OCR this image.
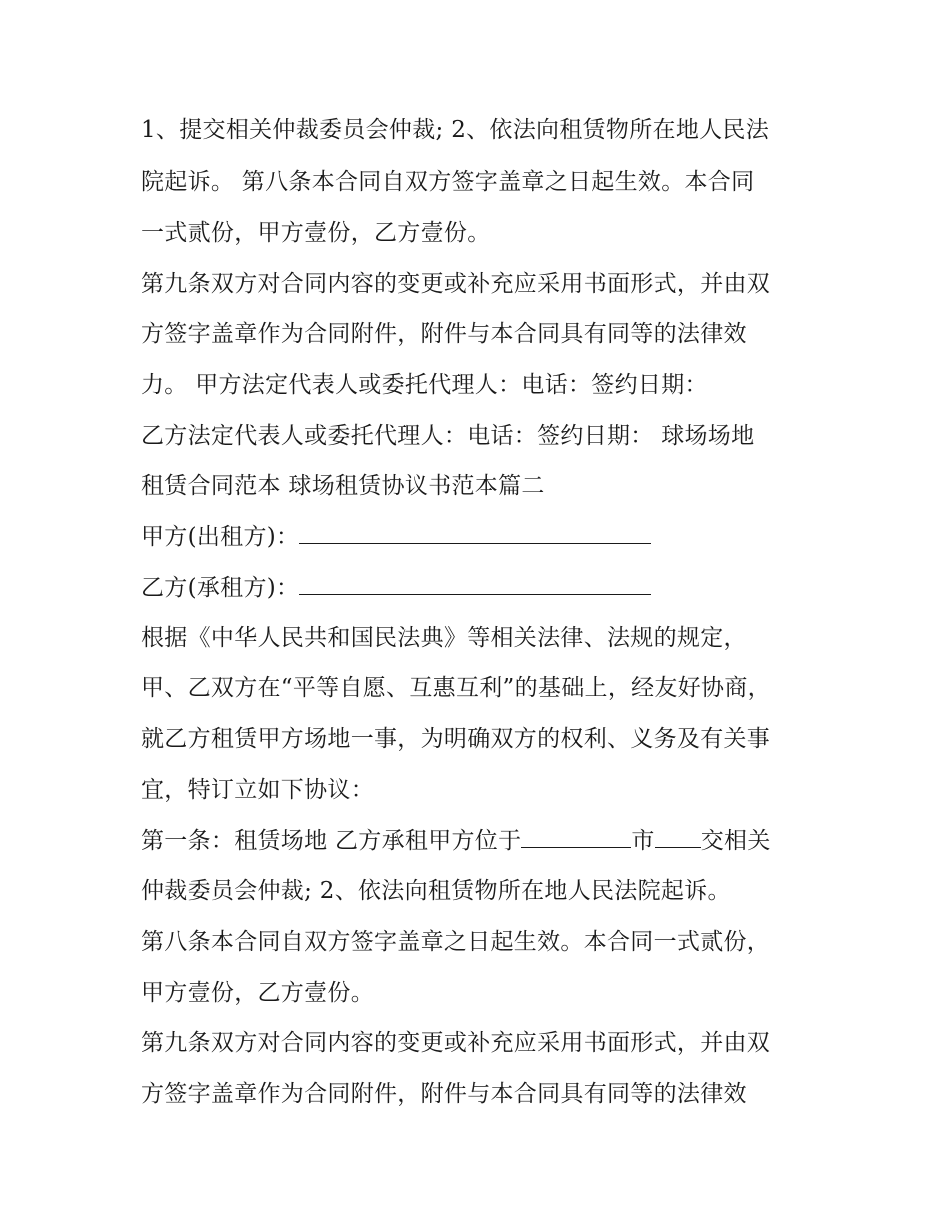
1、提交相关仲裁委员会仲裁; 2、依法向租赁物所在地人民法
院起诉。 第八条本合同自双方签字盖章之日起生效。本合同
一式贰份，甲方壹份，乙方壹份。
第九条双方对合同内容的变更或补充应采用书面形式，并由双
方签字盖章作为合同附件，附件与本合同具有同等的法律效
力。 甲方法定代表人或委托代理人：电话：签约日期：
乙方法定代表人或委托代理人：电话：签约日期： 球场场地
租赁合同范本 球场租赁协议书范本篇二
甲方(出租方)：
乙方(承租方)：
根据《中华人民共和国民法典》等相关法律、法规的规定，
甲、乙双方在“平等自愿、互惠互利”的基础上，经友好协商，
就乙方租赁甲方场地一事，为明确双方的权利、义务及有关事
宜，特订立如下协议：
第一条：租赁场地 乙方承租甲方位于	市 交相关
仲裁委员会仲裁; 2、依法向租赁物所在地人民法院起诉。
第八条本合同自双方签字盖章之日起生效。本合同一式贰份，
甲方壹份，乙方壹份。
第九条双方对合同内容的变更或补充应采用书面形式，并由双
方签字盖章作为合同附件，附件与本合同具有同等的法律效
